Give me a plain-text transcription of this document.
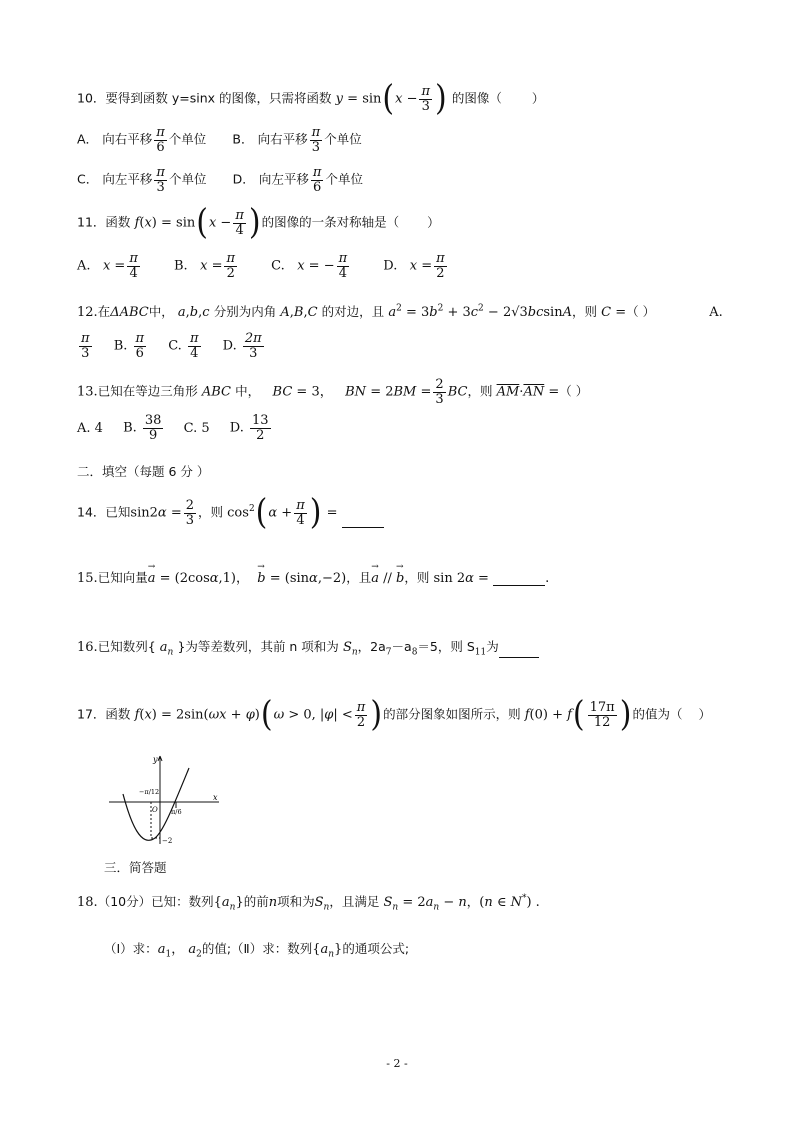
10．要得到函数 y=sinx 的图像，只需将函数 $y = \sin(x - \frac{\pi}{3}$ ) 的图像（ ）
A． 向右平移 $\frac{\pi}{6}$ 个单位 B． 向右平移 $\frac{\pi}{3}$ 个单位
C． 向左平移 $\frac{\pi}{3}$ 个单位 D． 向左平移 $\frac{\pi}{6}$ 个单位
11．函数 $f(x) = \sin(x - \frac{\pi}{4}$ )的图像的一条对称轴是（ ）
A. $x = \frac{\pi}{4}$	B. $x = \frac{\pi}{2}$	C. x = − $\frac{\pi}{4}$	D. $x = \frac{\pi}{2}$
12.在ΔABC中， a,b,c 分别为内角 A,B,C 的对边，且 $a^2 = 3b^2 + 3c^2 - 2√3bcsinA$，则 C =（ ）	A.
$\frac{\pi}{3} B$. $\frac{\pi}{6} C$. $\frac{\pi}{4} D$. $\frac{2\pi}{3}$
13.已知在等边三角形 ABC 中， BC = 3，   BN = $2BM = \frac{2}{3}$ BC，则 $\overline{AM}\cdot\overline{AN}$ =（ ）
A. 4 B. $\frac{38}{9} C$. 5 D. $\frac{13}{2}$
二．填空（每题 6 分 ）
14．已知$\sin 2\alpha = \frac{2}{3}$ ，则 $\cos^2(\alpha + \frac{\pi}{4}$ ) =
15.已知向量→ a = (2cosα,1)，  → b = (sinα,−2)，且→ a // → b，则 sin 2α =	.
16.已知数列{ $a_n$ }为等差数列，其前 n 项和为 $S_n$，$2a_7-a_8=5$，则 $S_{11}$为
17．函数 f(x) = 2sin(ωx + φ)(ω > 0, $|\varphi| < \frac{\pi}{2}$ )的部分图象如图所示，则 $f(0) + f( \frac{17\pi}{12}$ )的值为（ ）
y
x
−π/12
O π/6
−2
三．简答题
18.（10分）已知：数列$\{a_n\}$的前n项和为$S_n$，且满足 $S_n = 2a_n - n$，(n ∈ N*) .
（Ⅰ）求：$a_1$， $a_2$的值;（Ⅱ）求：数列$\{a_n\}$的通项公式;
- 2 -
